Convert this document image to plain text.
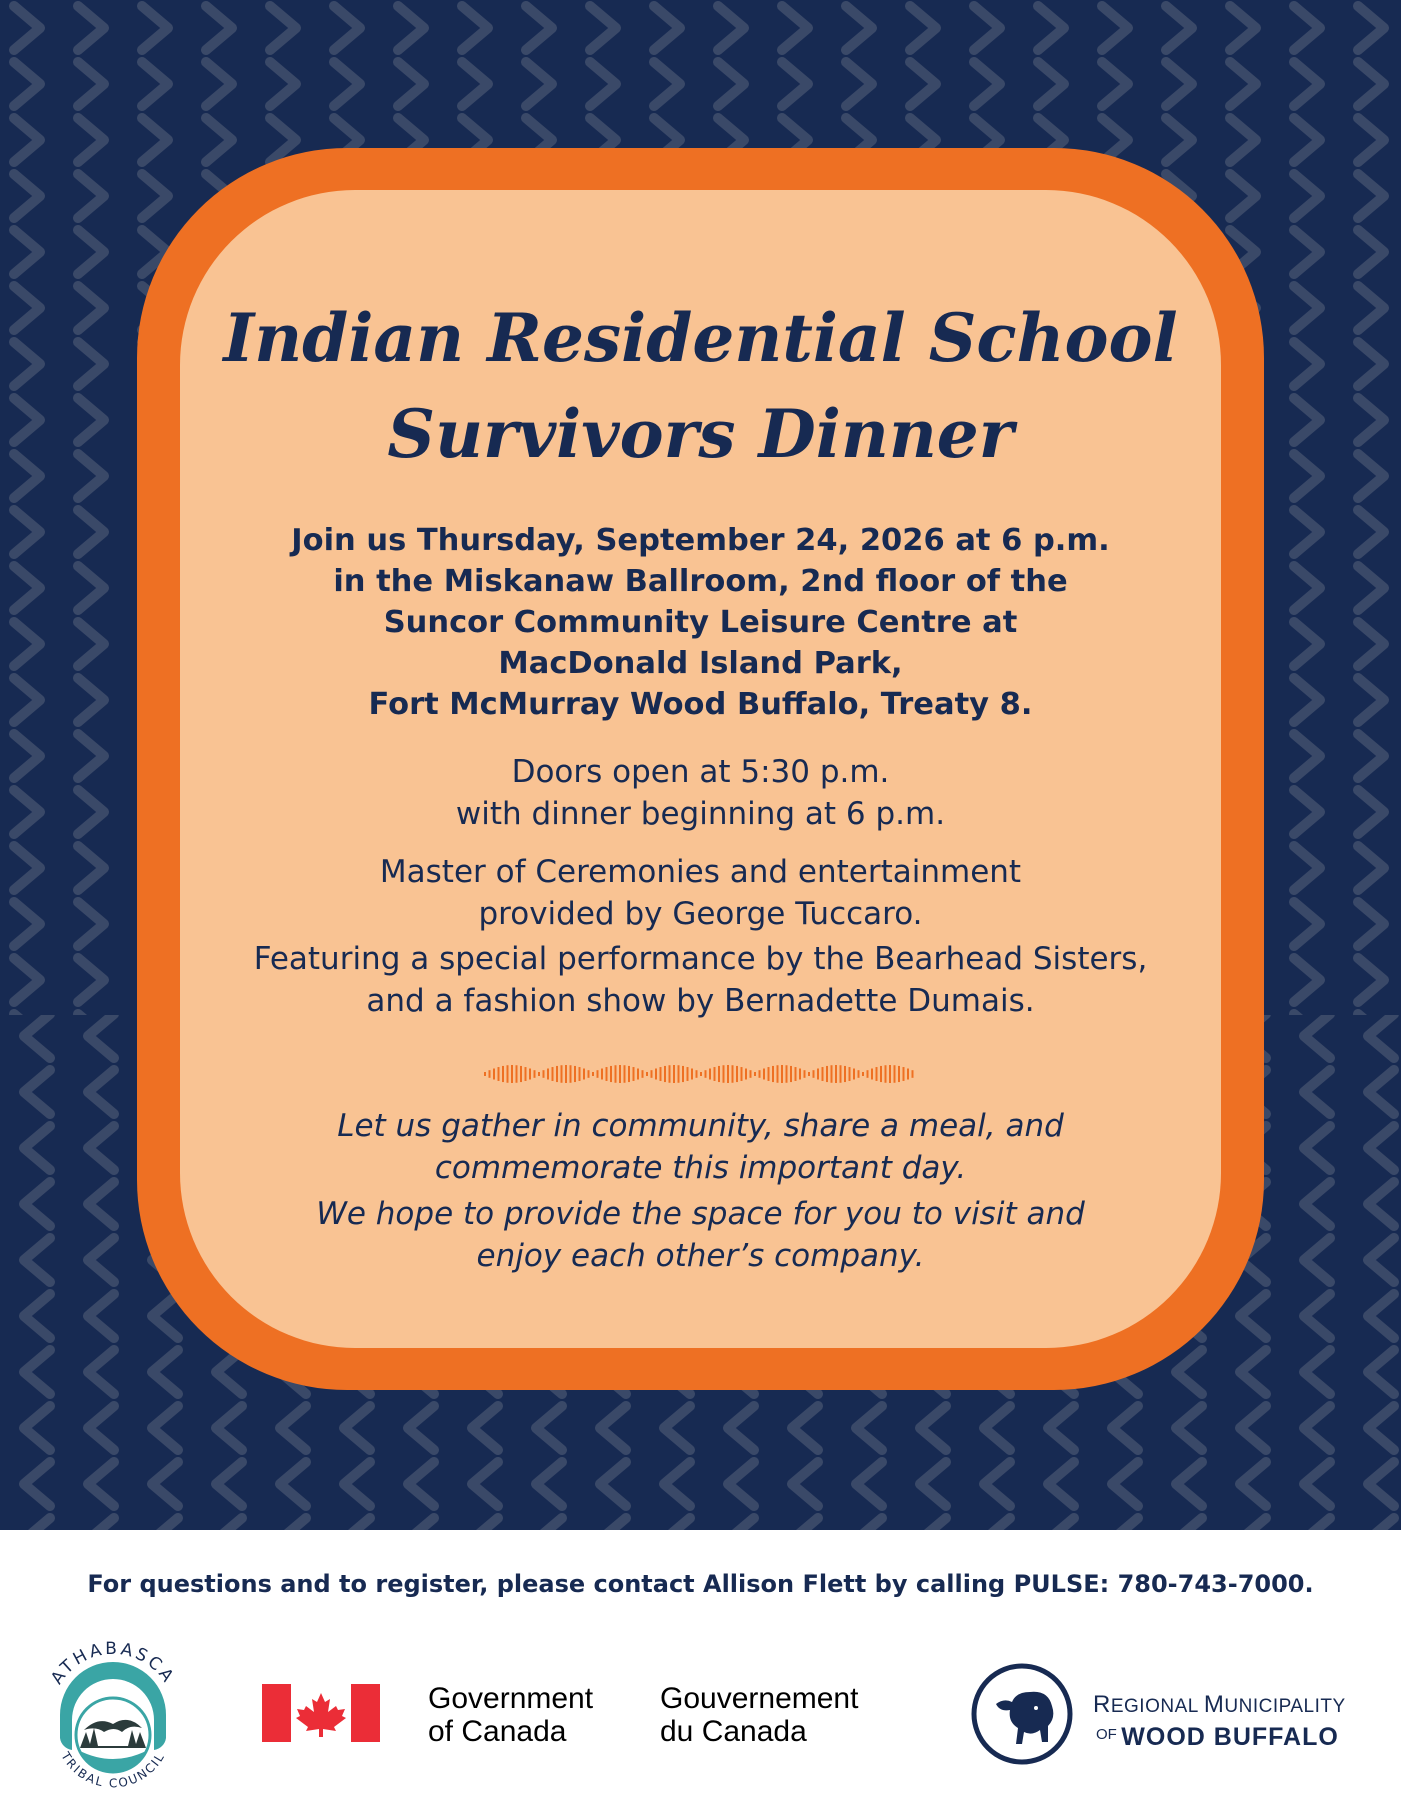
Indian Residential School
Survivors Dinner
Join us Thursday, September 24, 2026 at 6 p.m.
in the Miskanaw Ballroom, 2nd floor of the
Suncor Community Leisure Centre at
MacDonald Island Park,
Fort McMurray Wood Buffalo, Treaty 8.
Doors open at 5:30 p.m.
with dinner beginning at 6 p.m.
Master of Ceremonies and entertainment
provided by George Tuccaro.
Featuring a special performance by the Bearhead Sisters,
and a fashion show by Bernadette Dumais.
Let us gather in community, share a meal, and
commemorate this important day.
We hope to provide the space for you to visit and
enjoy each other’s company.
For questions and to register, please contact Allison Flett by calling PULSE: 780-743-7000.
ATHABASCA
TRIBAL COUNCIL
Government
of Canada
Gouvernement
du Canada
REGIONAL MUNICIPALITY
OF WOOD BUFFALO
